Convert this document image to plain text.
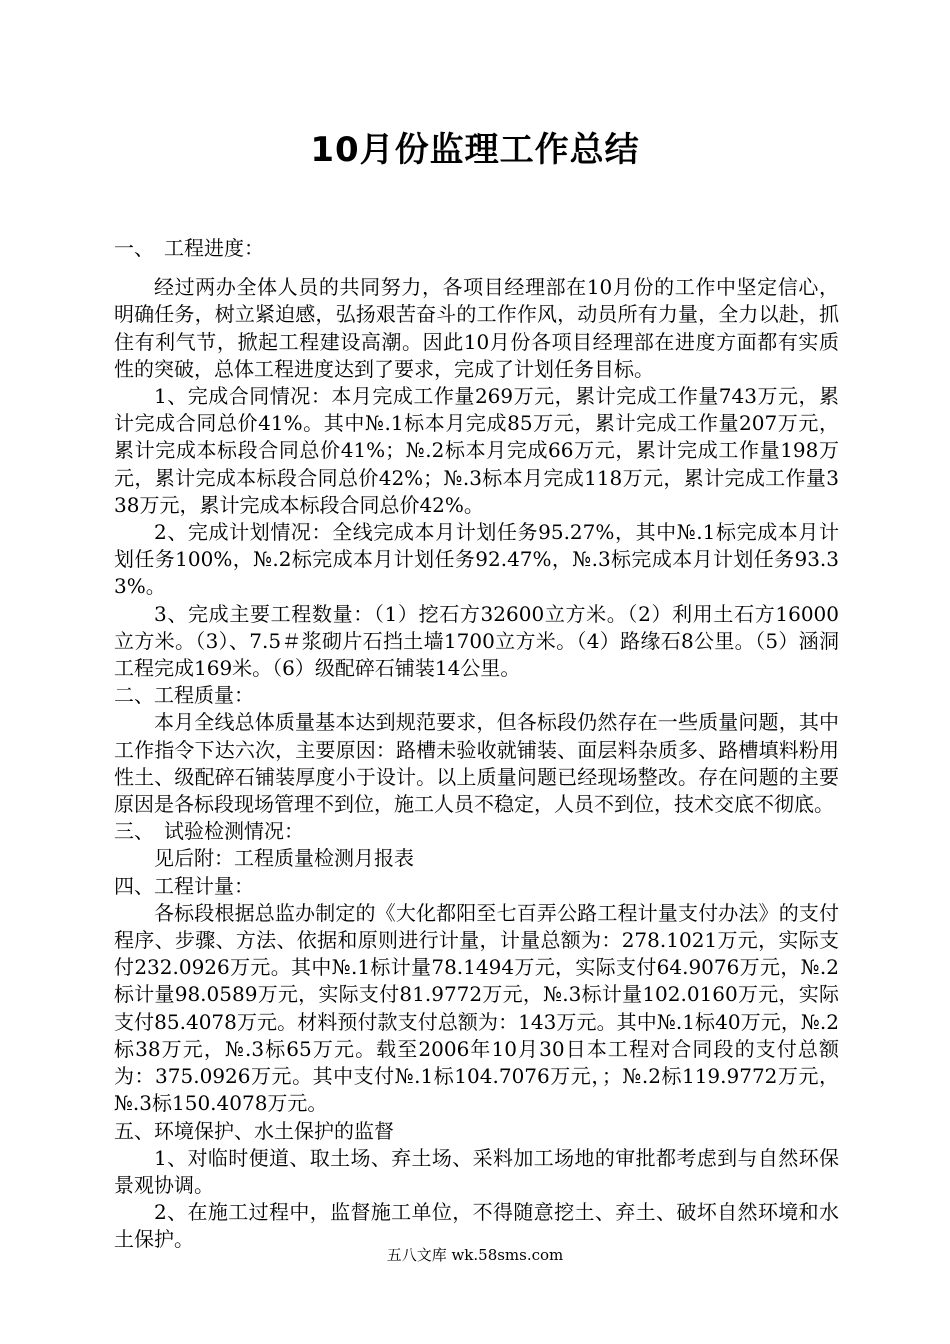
10月份监理工作总结

一、　工程进度：

经过两办全体人员的共同努力，各项目经理部在10月份的工作中坚定信心，明确任务，树立紧迫感，弘扬艰苦奋斗的工作作风，动员所有力量，全力以赴，抓住有利气节，掀起工程建设高潮。因此10月份各项目经理部在进度方面都有实质性的突破，总体工程进度达到了要求，完成了计划任务目标。

1、完成合同情况：本月完成工作量269万元，累计完成工作量743万元，累计完成合同总价41%。其中№.1标本月完成85万元，累计完成工作量207万元，累计完成本标段合同总价41%；№.2标本月完成66万元，累计完成工作量198万元，累计完成本标段合同总价42%；№.3标本月完成118万元，累计完成工作量338万元，累计完成本标段合同总价42%。

2、完成计划情况：全线完成本月计划任务95.27%，其中№.1标完成本月计划任务100%，№.2标完成本月计划任务92.47%，№.3标完成本月计划任务93.33%。

3、完成主要工程数量：（1）挖石方32600立方米。（2）利用土石方16000立方米。（3）、7.5＃浆砌片石挡土墙1700立方米。（4）路缘石8公里。（5）涵洞工程完成169米。（6）级配碎石铺装14公里。

二、工程质量：

本月全线总体质量基本达到规范要求，但各标段仍然存在一些质量问题，其中工作指令下达六次，主要原因：路槽未验收就铺装、面层料杂质多、路槽填料粉用性土、级配碎石铺装厚度小于设计。以上质量问题已经现场整改。存在问题的主要原因是各标段现场管理不到位，施工人员不稳定，人员不到位，技术交底不彻底。

三、　试验检测情况：

见后附：工程质量检测月报表

四、工程计量：

各标段根据总监办制定的《大化都阳至七百弄公路工程计量支付办法》的支付程序、步骤、方法、依据和原则进行计量，计量总额为：278.1021万元，实际支付232.0926万元。其中№.1标计量78.1494万元，实际支付64.9076万元，№.2标计量98.0589万元，实际支付81.9772万元，№.3标计量102.0160万元，实际支付85.4078万元。材料预付款支付总额为：143万元。其中№.1标40万元，№.2标38万元，№.3标65万元。载至2006年10月30日本工程对合同段的支付总额为：375.0926万元。其中支付№.1标104.7076万元，；№.2标119.9772万元，№.3标150.4078万元。

五、环境保护、水土保护的监督

1、对临时便道、取土场、弃土场、采料加工场地的审批都考虑到与自然环保景观协调。

2、在施工过程中，监督施工单位，不得随意挖土、弃土、破坏自然环境和水土保护。

五八文库 wk.58sms.com
